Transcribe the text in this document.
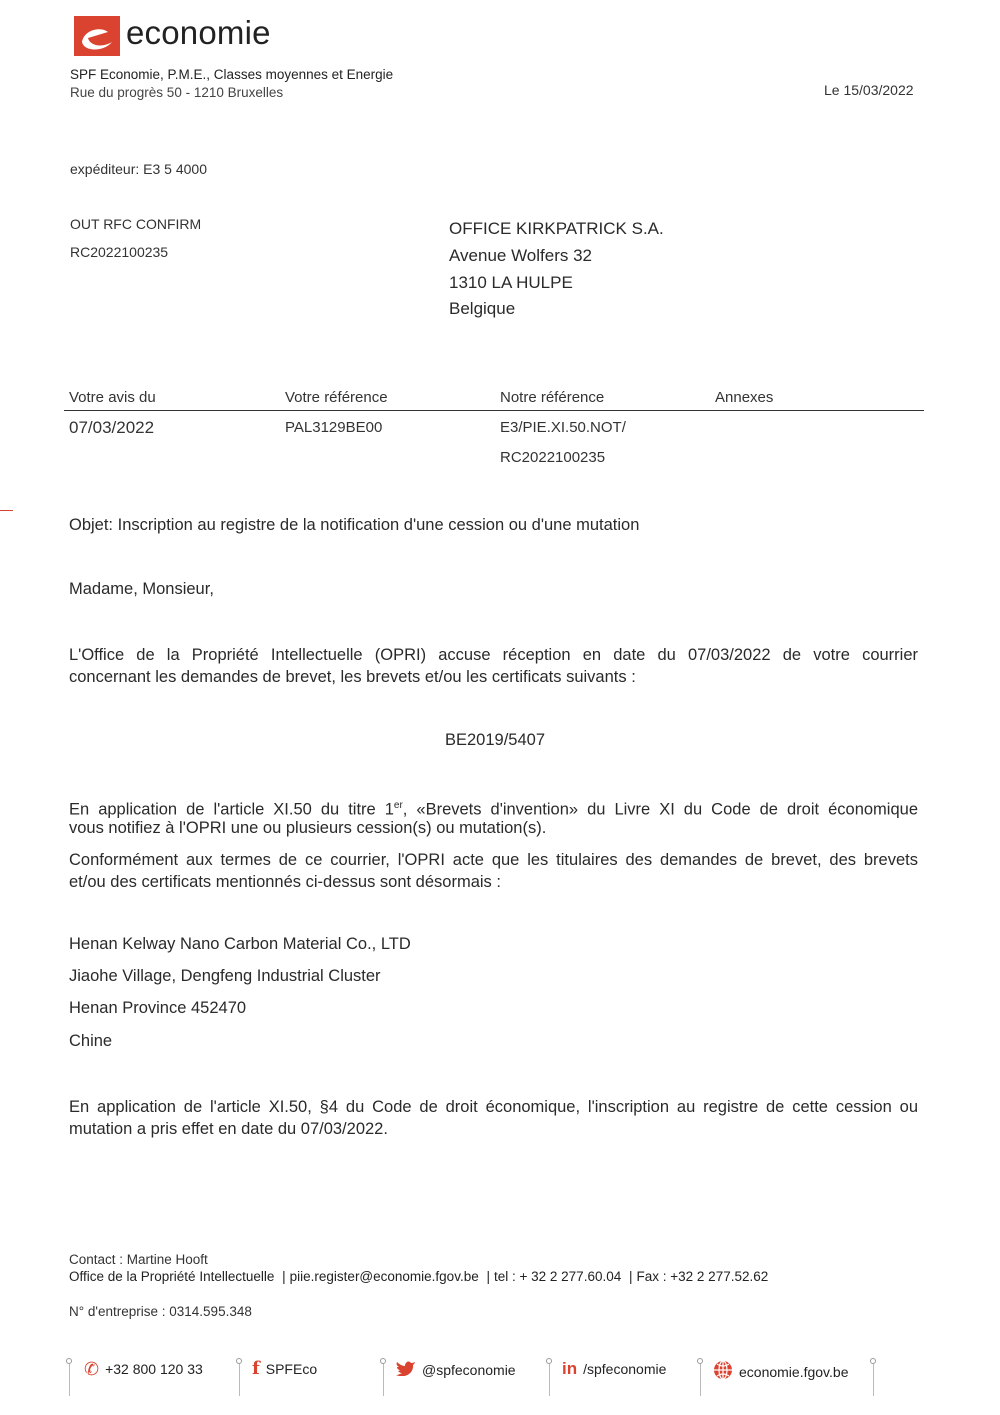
economie
SPF Economie, P.M.E., Classes moyennes et Energie
Rue du progrès 50 - 1210 Bruxelles	Le 15/03/2022
expéditeur: E3 5 4000
OUT RFC CONFIRM
RC2022100235
OFFICE KIRKPATRICK S.A.
Avenue Wolfers 32
1310 LA HULPE
Belgique
Votre avis du	Votre référence	Notre référence	Annexes
07/03/2022	PAL3129BE00	E3/PIE.XI.50.NOT/
RC2022100235
Objet: Inscription au registre de la notification d'une cession ou d'une mutation
Madame, Monsieur,
L'Office de la Propriété Intellectuelle (OPRI) accuse réception en date du 07/03/2022 de votre courrier
concernant les demandes de brevet, les brevets et/ou les certificats suivants :
BE2019/5407
En application de l'article XI.50 du titre 1er, «Brevets d'invention» du Livre XI du Code de droit économique
vous notifiez à l'OPRI une ou plusieurs cession(s) ou mutation(s).
Conformément aux termes de ce courrier, l'OPRI acte que les titulaires des demandes de brevet, des brevets
et/ou des certificats mentionnés ci-dessus sont désormais :
Henan Kelway Nano Carbon Material Co., LTD
Jiaohe Village, Dengfeng Industrial Cluster
Henan Province 452470
Chine
En application de l'article XI.50, §4 du Code de droit économique, l'inscription au registre de cette cession ou
mutation a pris effet en date du 07/03/2022.
Contact : Martine Hooft
Office de la Propriété Intellectuelle | piie.register@economie.fgov.be | tel : + 32 2 277.60.04 | Fax : +32 2 277.52.62
N° d'entreprise : 0314.595.348
✆ +32 800 120 33	f SPFEco	@spfeconomie	in /spfeconomie	economie.fgov.be
